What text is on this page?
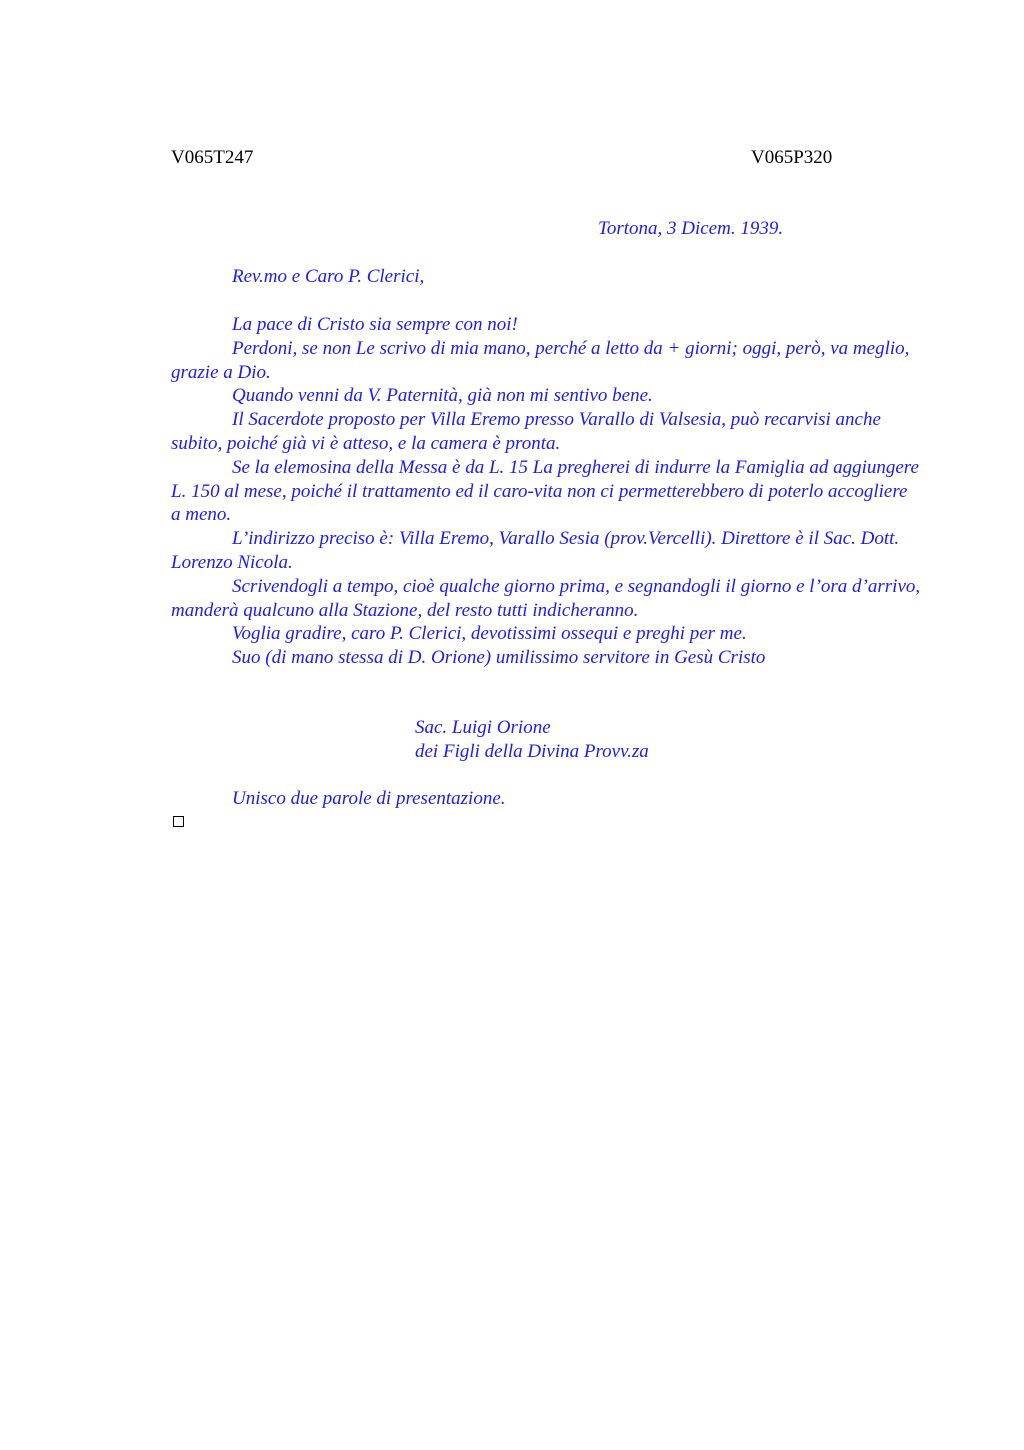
V065T247	V065P320
Tortona, 3 Dicem. 1939.
Rev.mo e Caro P. Clerici,

La pace di Cristo sia sempre con noi!

Perdoni, se non Le scrivo di mia mano, perché a letto da + giorni; oggi, però, va meglio, grazie a Dio.

Quando venni da V. Paternità, già non mi sentivo bene.

Il Sacerdote proposto per Villa Eremo presso Varallo di Valsesia, può recarvisi anche subito, poiché già vi è atteso, e la camera è pronta.

Se la elemosina della Messa è da L. 15 La pregherei di indurre la Famiglia ad aggiungere L. 150 al mese, poiché il trattamento ed il caro-vita non ci permetterebbero di poterlo accogliere a meno.

L’indirizzo preciso è: Villa Eremo, Varallo Sesia (prov.Vercelli). Direttore è il Sac. Dott. Lorenzo Nicola.

Scrivendogli a tempo, cioè qualche giorno prima, e segnandogli il giorno e l’ora d’arrivo, manderà qualcuno alla Stazione, del resto tutti indicheranno.

Voglia gradire, caro P. Clerici, devotissimi ossequi e preghi per me.

Suo (di mano stessa di D. Orione) umilissimo servitore in Gesù Cristo

Sac. Luigi Orione
dei Figli della Divina Provv.za
Unisco due parole di presentazione.
